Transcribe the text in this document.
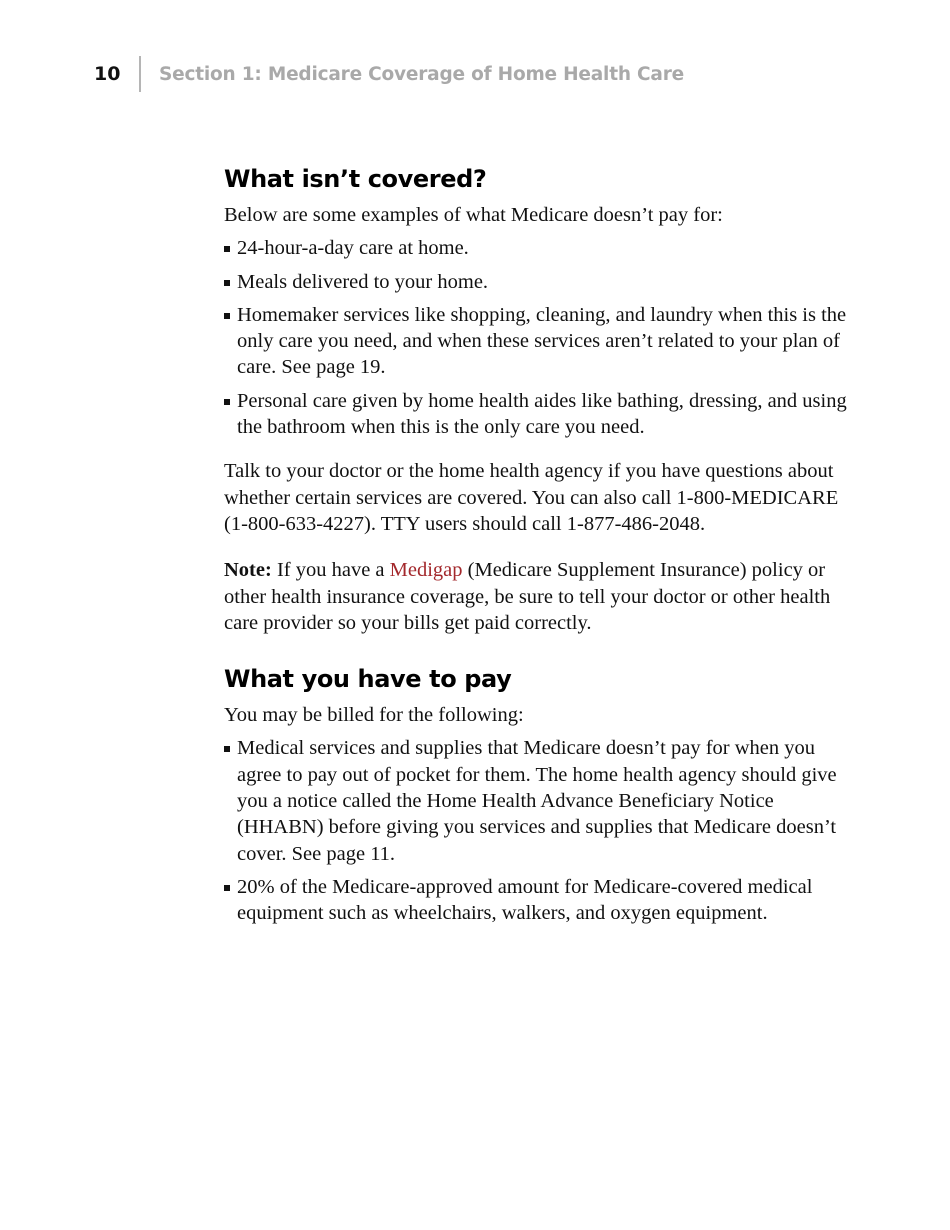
10	Section 1: Medicare Coverage of Home Health Care
What isn’t covered?

Below are some examples of what Medicare doesn’t pay for:

24-hour-a-day care at home.
Meals delivered to your home.
Homemaker services like shopping, cleaning, and laundry when this is the only care you need, and when these services aren’t related to your plan of care. See page 19.
Personal care given by home health aides like bathing, dressing, and using the bathroom when this is the only care you need.

Talk to your doctor or the home health agency if you have questions about whether certain services are covered. You can also call 1-800-MEDICARE (1-800-633-4227). TTY users should call 1-877-486-2048.

Note: If you have a Medigap (Medicare Supplement Insurance) policy or other health insurance coverage, be sure to tell your doctor or other health care provider so your bills get paid correctly.

What you have to pay

You may be billed for the following:

Medical services and supplies that Medicare doesn’t pay for when you agree to pay out of pocket for them. The home health agency should give you a notice called the Home Health Advance Beneficiary Notice (HHABN) before giving you services and supplies that Medicare doesn’t cover. See page 11.
20% of the Medicare-approved amount for Medicare-covered medical equipment such as wheelchairs, walkers, and oxygen equipment.
